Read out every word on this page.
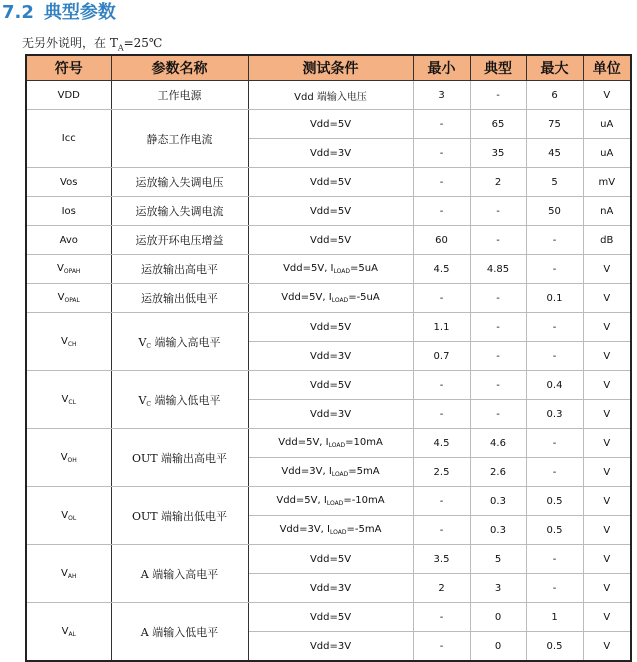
7.2 典型参数
无另外说明，在 $T_A=25℃$
符号	参数名称	测试条件	最小	典型	最大	单位
VDD	工作电源	Vdd 端输入电压	3	-	6	V
Icc	静态工作电流	Vdd=5V	-	65	75	uA
		Vdd=3V	-	35	45	uA
Vos	运放输入失调电压	Vdd=5V	-	2	5	mV
Ios	运放输入失调电流	Vdd=5V	-	-	50	nA
Avo	运放开环电压增益	Vdd=5V	60	-	-	dB
$V_{OPAH}$	运放输出高电平	Vdd=5V, $I_{LOAD}=5uA$	4.5	4.85	-	V
$V_{OPAL}$	运放输出低电平	Vdd=5V, $I_{LOAD}=-5uA$	-	-	0.1	V
$V_{CH}$	$V_C$ 端输入高电平	Vdd=5V	1.1	-	-	V
		Vdd=3V	0.7	-	-	V
$V_{CL}$	$V_C$ 端输入低电平	Vdd=5V	-	-	0.4	V
		Vdd=3V	-	-	0.3	V
$V_{OH}$	OUT 端输出高电平	Vdd=5V, $I_{LOAD}=10mA$	4.5	4.6	-	V
		Vdd=3V, $I_{LOAD}=5mA$	2.5	2.6	-	V
$V_{OL}$	OUT 端输出低电平	Vdd=5V, $I_{LOAD}=-10mA$	-	0.3	0.5	V
		Vdd=3V, $I_{LOAD}=-5mA$	-	0.3	0.5	V
$V_{AH}$	A 端输入高电平	Vdd=5V	3.5	5	-	V
		Vdd=3V	2	3	-	V
$V_{AL}$	A 端输入低电平	Vdd=5V	-	0	1	V
		Vdd=3V	-	0	0.5	V
